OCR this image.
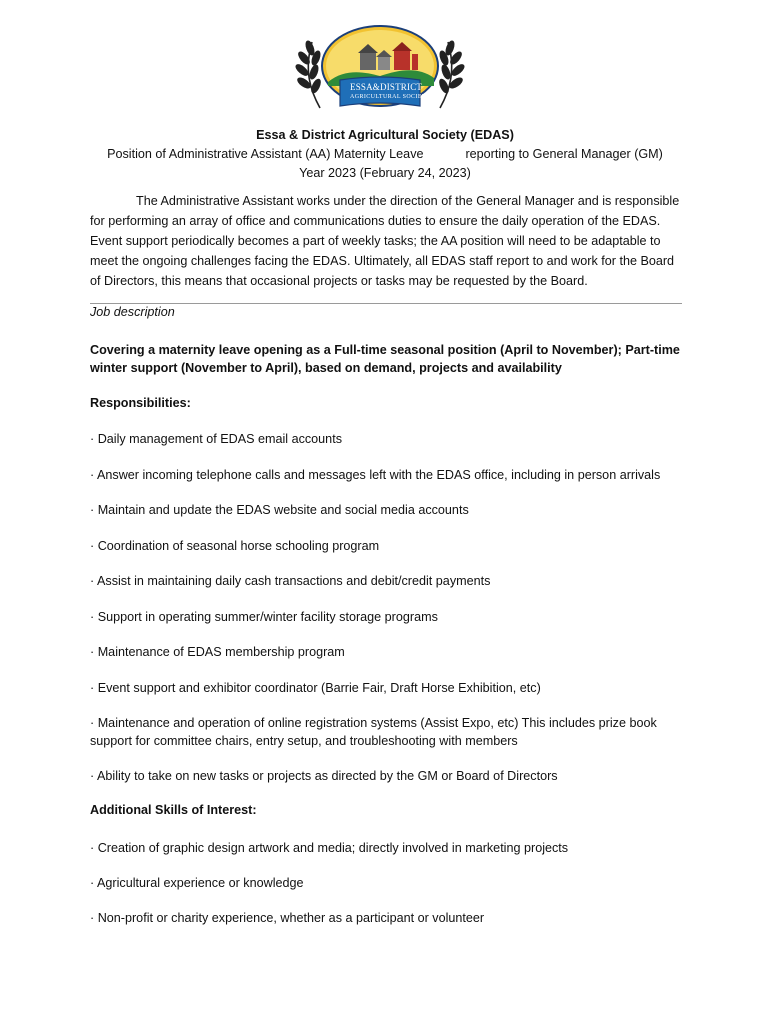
ESSA&DISTRICT
AGRICULTURAL SOCIETY
Essa & District Agricultural Society (EDAS)
Position of Administrative Assistant (AA) Maternity Leave            reporting to General Manager (GM)
Year 2023 (February 24, 2023)
The Administrative Assistant works under the direction of the General Manager and is responsible for performing an array of office and communications duties to ensure the daily operation of the EDAS. Event support periodically becomes a part of weekly tasks; the AA position will need to be adaptable to meet the ongoing challenges facing the EDAS. Ultimately, all EDAS staff report to and work for the Board of Directors, this means that occasional projects or tasks may be requested by the Board.
Job description
Covering a maternity leave opening as a Full-time seasonal position (April to November); Part-time winter support (November to April), based on demand, projects and availability
Responsibilities:
· Daily management of EDAS email accounts
· Answer incoming telephone calls and messages left with the EDAS office, including in person arrivals
· Maintain and update the EDAS website and social media accounts
· Coordination of seasonal horse schooling program
· Assist in maintaining daily cash transactions and debit/credit payments
· Support in operating summer/winter facility storage programs
· Maintenance of EDAS membership program
· Event support and exhibitor coordinator (Barrie Fair, Draft Horse Exhibition, etc)
· Maintenance and operation of online registration systems (Assist Expo, etc) This includes prize book support for committee chairs, entry setup, and troubleshooting with members
· Ability to take on new tasks or projects as directed by the GM or Board of Directors
Additional Skills of Interest:
· Creation of graphic design artwork and media; directly involved in marketing projects
· Agricultural experience or knowledge
· Non-profit or charity experience, whether as a participant or volunteer
